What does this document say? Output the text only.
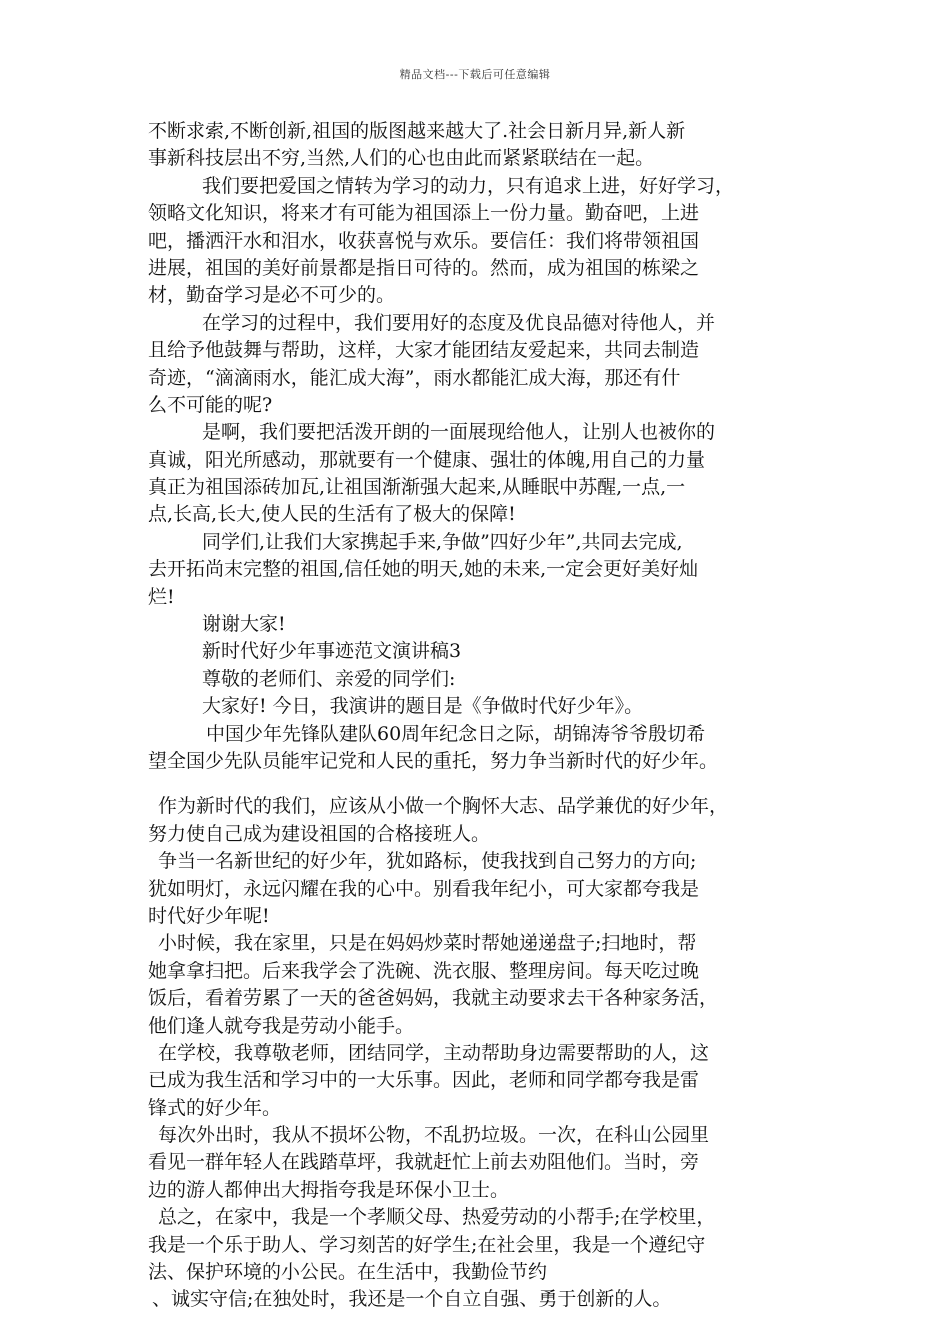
精品文档---下载后可任意编辑
不断求索,不断创新,祖国的版图越来越大了.社会日新月异,新人新
事新科技层出不穷,当然,人们的心也由此而紧紧联结在一起。
我们要把爱国之情转为学习的动力，只有追求上进，好好学习，
领略文化知识，将来才有可能为祖国添上一份力量。勤奋吧，上进
吧，播洒汗水和泪水，收获喜悦与欢乐。要信任：我们将带领祖国
进展，祖国的美好前景都是指日可待的。然而，成为祖国的栋梁之
材，勤奋学习是必不可少的。
在学习的过程中，我们要用好的态度及优良品德对待他人，并
且给予他鼓舞与帮助，这样，大家才能团结友爱起来，共同去制造
奇迹，“滴滴雨水，能汇成大海”，雨水都能汇成大海，那还有什
么不可能的呢?
是啊，我们要把活泼开朗的一面展现给他人，让别人也被你的
真诚，阳光所感动，那就要有一个健康、强壮的体魄,用自己的力量
真正为祖国添砖加瓦,让祖国渐渐强大起来,从睡眠中苏醒,一点,一
点,长高,长大,使人民的生活有了极大的保障!
同学们,让我们大家携起手来,争做”四好少年”,共同去完成,
去开拓尚末完整的祖国,信任她的明天,她的未来,一定会更好美好灿
烂!
谢谢大家!
新时代好少年事迹范文演讲稿3
尊敬的老师们、亲爱的同学们:
大家好! 今日，我演讲的题目是《争做时代好少年》。
中国少年先锋队建队60周年纪念日之际，胡锦涛爷爷殷切希
望全国少先队员能牢记党和人民的重托，努力争当新时代的好少年。
作为新时代的我们，应该从小做一个胸怀大志、品学兼优的好少年，
努力使自己成为建设祖国的合格接班人。
争当一名新世纪的好少年，犹如路标，使我找到自己努力的方向;
犹如明灯，永远闪耀在我的心中。别看我年纪小，可大家都夸我是
时代好少年呢!
小时候，我在家里，只是在妈妈炒菜时帮她递递盘子;扫地时，帮
她拿拿扫把。后来我学会了洗碗、洗衣服、整理房间。每天吃过晚
饭后，看着劳累了一天的爸爸妈妈，我就主动要求去干各种家务活，
他们逢人就夸我是劳动小能手。
在学校，我尊敬老师，团结同学，主动帮助身边需要帮助的人，这
已成为我生活和学习中的一大乐事。因此，老师和同学都夸我是雷
锋式的好少年。
每次外出时，我从不损坏公物，不乱扔垃圾。一次，在科山公园里
看见一群年轻人在践踏草坪，我就赶忙上前去劝阻他们。当时，旁
边的游人都伸出大拇指夸我是环保小卫士。
总之，在家中，我是一个孝顺父母、热爱劳动的小帮手;在学校里，
我是一个乐于助人、学习刻苦的好学生;在社会里，我是一个遵纪守
法、保护环境的小公民。在生活中，我勤俭节约
、诚实守信;在独处时，我还是一个自立自强、勇于创新的人。
